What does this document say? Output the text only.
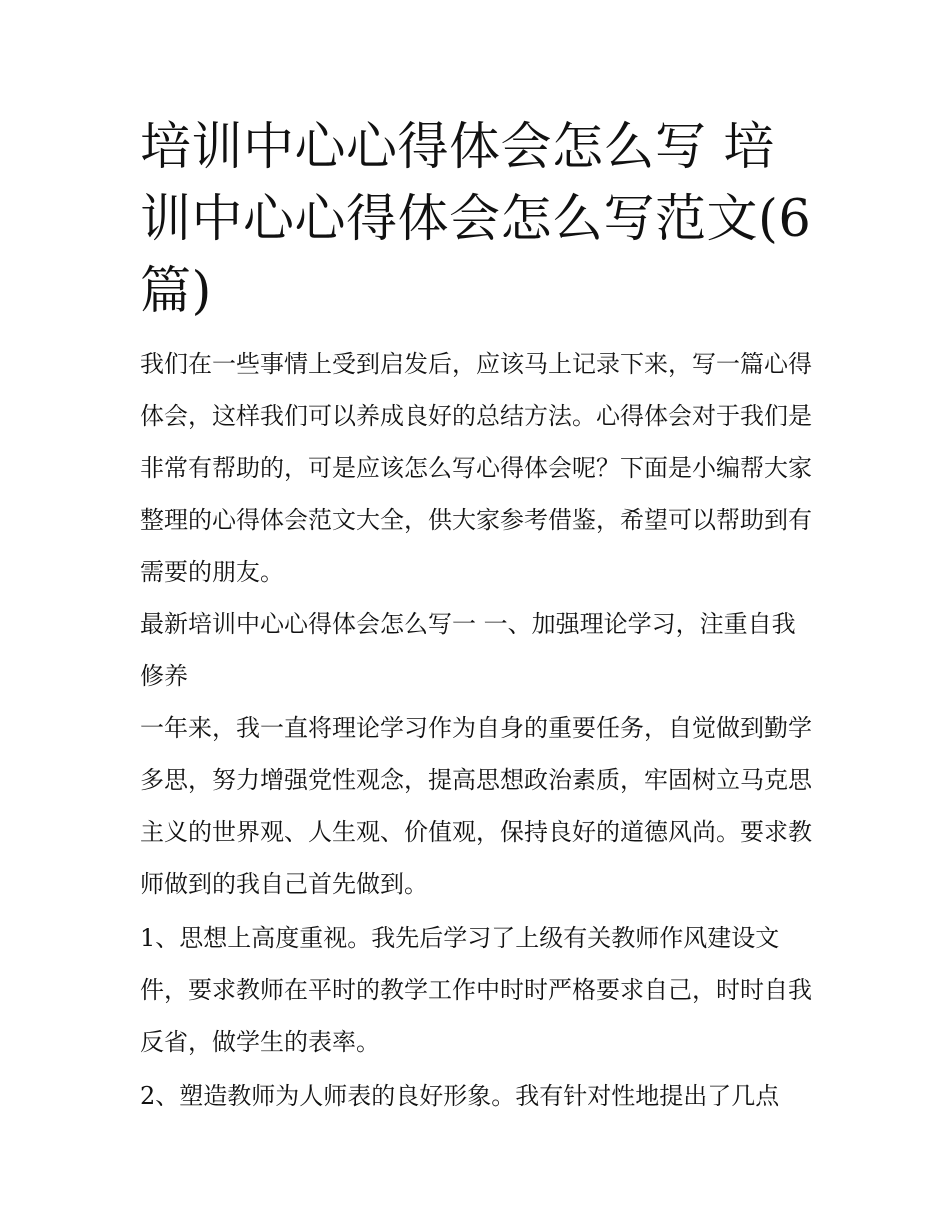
培训中心心得体会怎么写 培训中心心得体会怎么写范文(6篇)

我们在一些事情上受到启发后，应该马上记录下来，写一篇心得体会，这样我们可以养成良好的总结方法。心得体会对于我们是非常有帮助的，可是应该怎么写心得体会呢？下面是小编帮大家整理的心得体会范文大全，供大家参考借鉴，希望可以帮助到有需要的朋友。

最新培训中心心得体会怎么写一 一、加强理论学习，注重自我修养

一年来，我一直将理论学习作为自身的重要任务，自觉做到勤学多思，努力增强党性观念，提高思想政治素质，牢固树立马克思主义的世界观、人生观、价值观，保持良好的道德风尚。要求教师做到的我自己首先做到。

1、思想上高度重视。我先后学习了上级有关教师作风建设文件，要求教师在平时的教学工作中时时严格要求自己，时时自我反省，做学生的表率。

2、塑造教师为人师表的良好形象。我有针对性地提出了几点
